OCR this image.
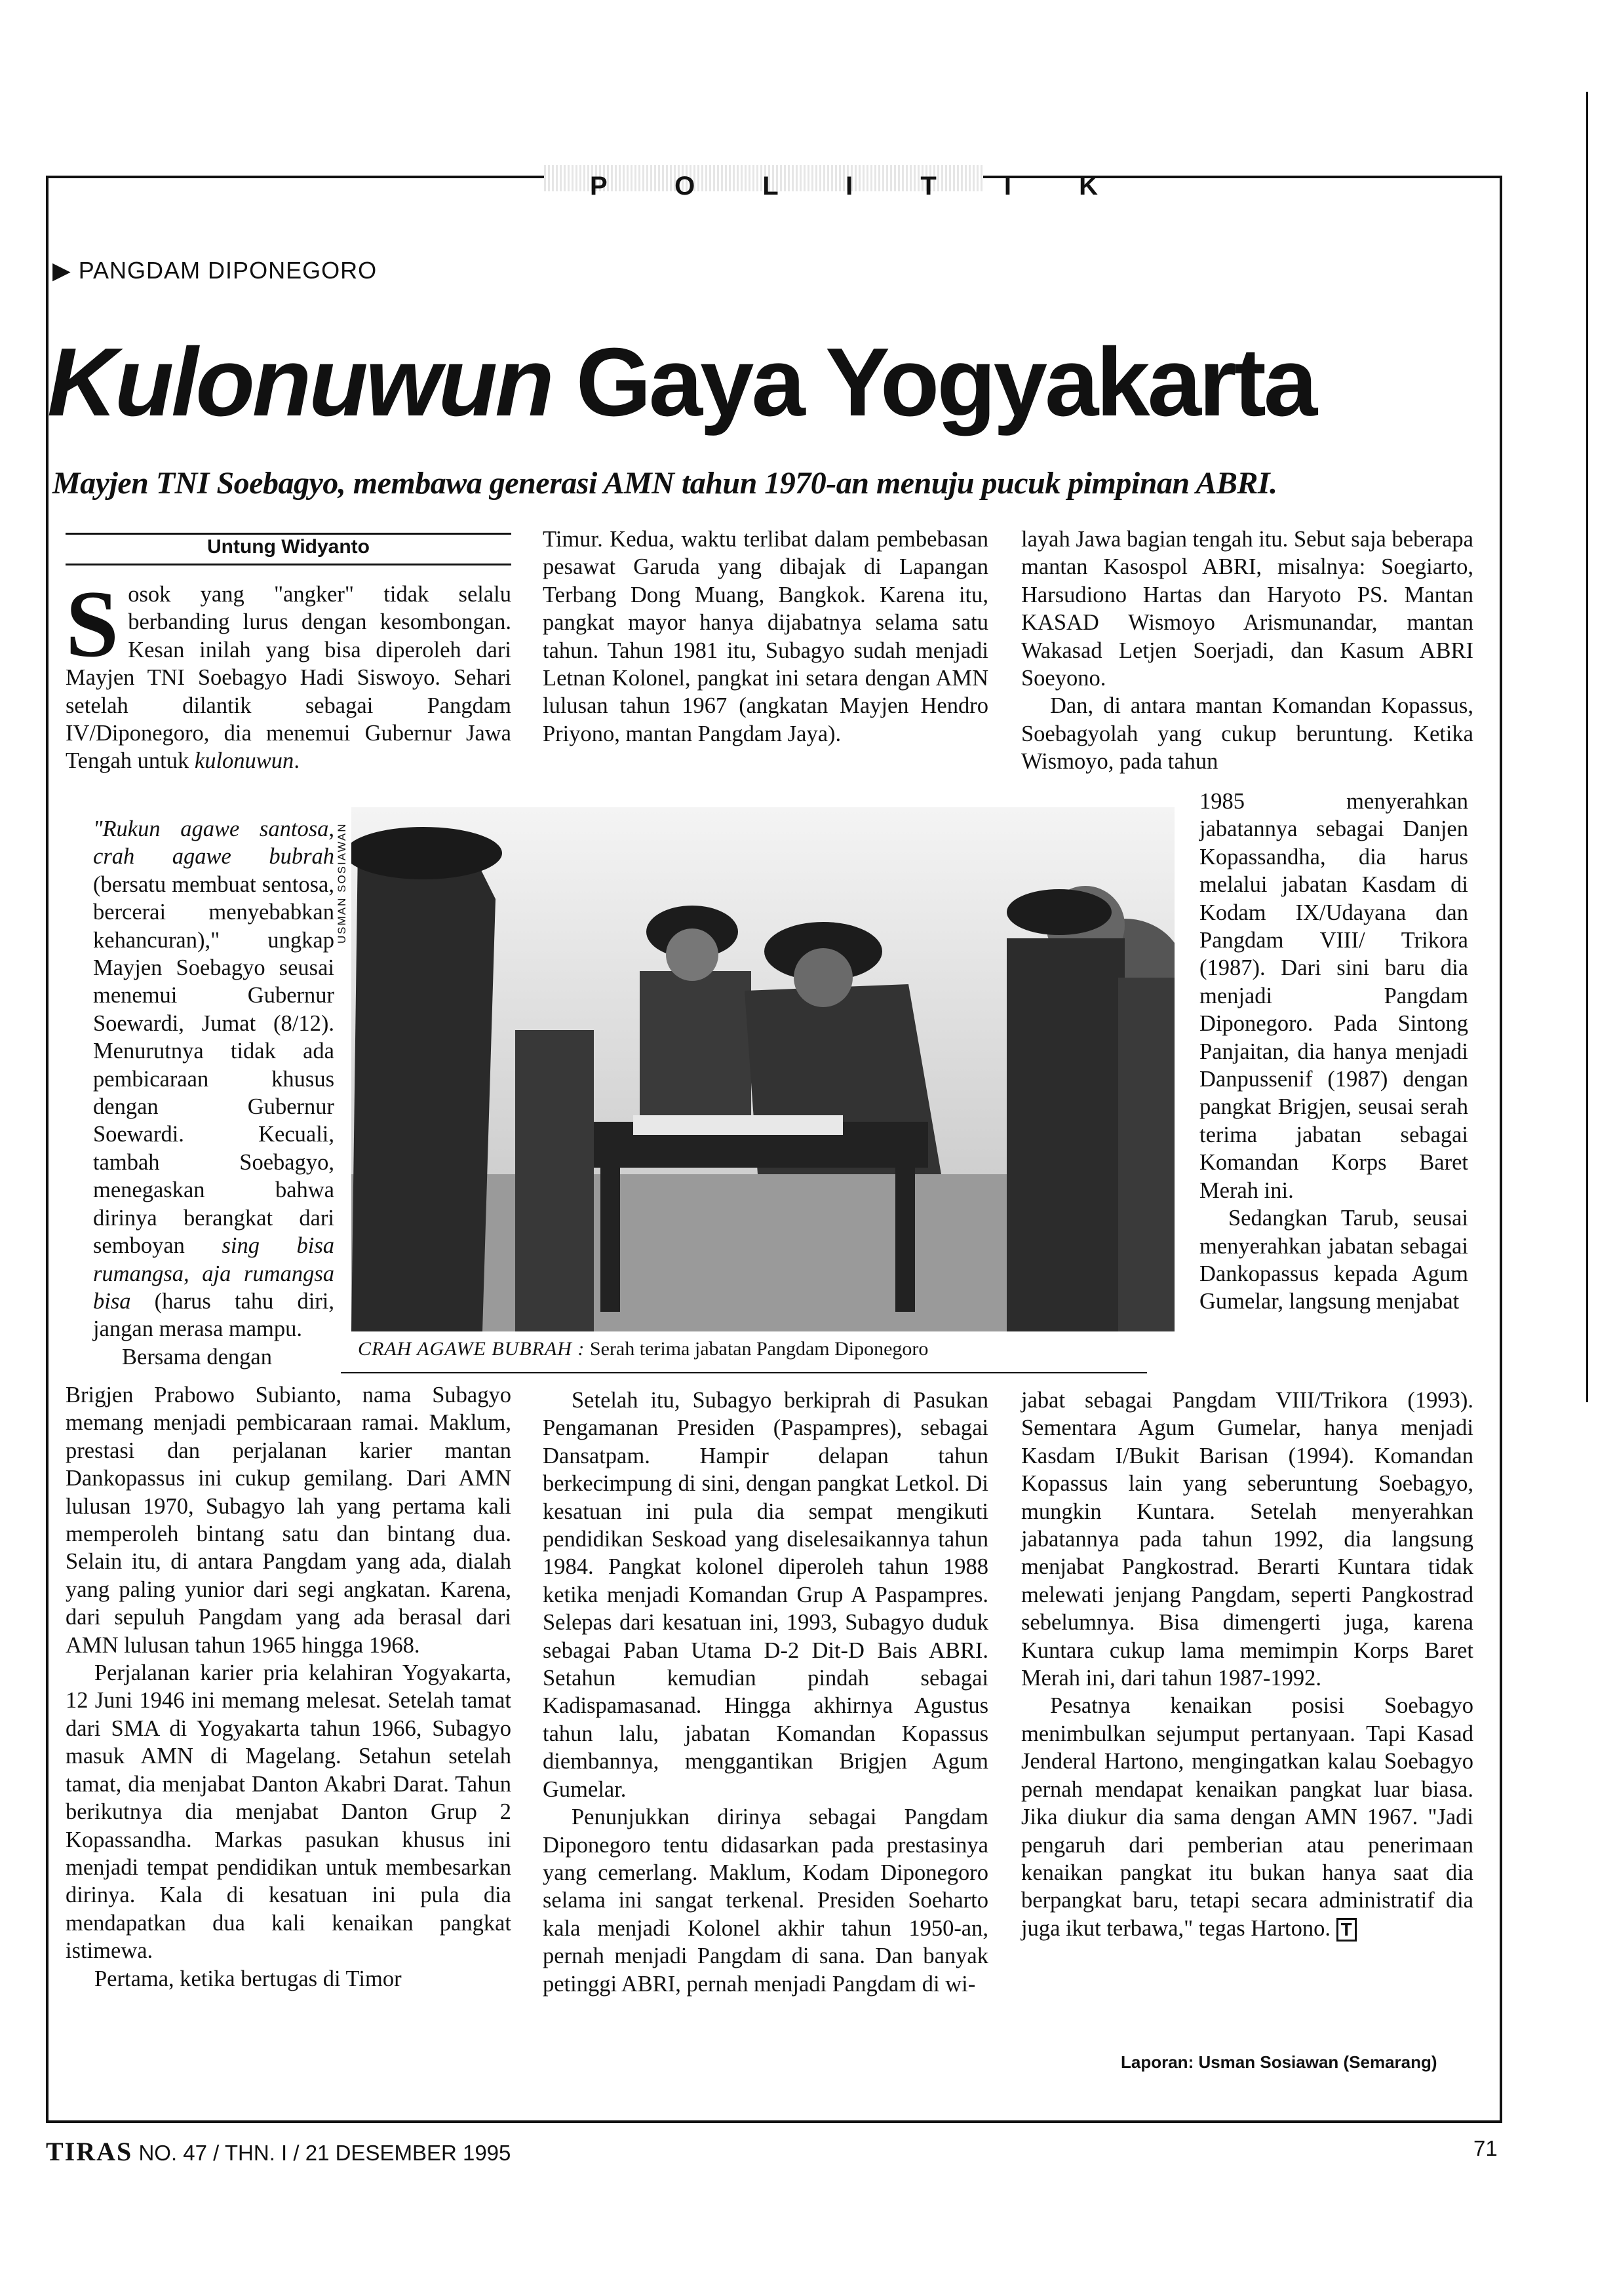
P O L I T I K
▶ PANGDAM DIPONEGORO
Kulonuwun Gaya Yogyakarta
Mayjen TNI Soebagyo, membawa generasi AMN tahun 1970-an menuju pucuk pimpinan ABRI.
Untung Widyanto

Sosok yang "angker" tidak selalu berbanding lurus dengan kesombongan. Kesan inilah yang bisa diperoleh dari Mayjen TNI Soebagyo Hadi Siswoyo. Sehari setelah dilantik sebagai Pangdam IV/Diponegoro, dia menemui Gubernur Jawa Tengah untuk kulonuwun.

"Rukun agawe santosa, crah agawe bubrah (bersatu membuat sentosa, bercerai menyebabkan kehancuran)," ungkap Mayjen Soebagyo seusai menemui Gubernur Soewardi, Jumat (8/12). Menurutnya tidak ada pembicaraan khusus dengan Gubernur Soewardi. Kecuali, tambah Soebagyo, menegaskan bahwa dirinya berangkat dari semboyan sing bisa rumangsa, aja rumangsa bisa (harus tahu diri, jangan merasa mampu.

Bersama dengan

USMAN SOSIAWAN
CRAH AGAWE BUBRAH : Serah terima jabatan Pangdam Diponegoro

Brigjen Prabowo Subianto, nama Subagyo memang menjadi pembicaraan ramai. Maklum, prestasi dan perjalanan karier mantan Dankopassus ini cukup gemilang. Dari AMN lulusan 1970, Subagyo lah yang pertama kali memperoleh bintang satu dan bintang dua. Selain itu, di antara Pangdam yang ada, dialah yang paling yunior dari segi angkatan. Karena, dari sepuluh Pangdam yang ada berasal dari AMN lulusan tahun 1965 hingga 1968.

Perjalanan karier pria kelahiran Yogyakarta, 12 Juni 1946 ini memang melesat. Setelah tamat dari SMA di Yogyakarta tahun 1966, Subagyo masuk AMN di Magelang. Setahun setelah tamat, dia menjabat Danton Akabri Darat. Tahun berikutnya dia menjabat Danton Grup 2 Kopassandha. Markas pasukan khusus ini menjadi tempat pendidikan untuk membesarkan dirinya. Kala di kesatuan ini pula dia mendapatkan dua kali kenaikan pangkat istimewa.

Pertama, ketika bertugas di Timor

Timur. Kedua, waktu terlibat dalam pembebasan pesawat Garuda yang dibajak di Lapangan Terbang Dong Muang, Bangkok. Karena itu, pangkat mayor hanya dijabatnya selama satu tahun. Tahun 1981 itu, Subagyo sudah menjadi Letnan Kolonel, pangkat ini setara dengan AMN lulusan tahun 1967 (angkatan Mayjen Hendro Priyono, mantan Pangdam Jaya).

Setelah itu, Subagyo berkiprah di Pasukan Pengamanan Presiden (Paspampres), sebagai Dansatpam. Hampir delapan tahun berkecimpung di sini, dengan pangkat Letkol. Di kesatuan ini pula dia sempat mengikuti pendidikan Seskoad yang diselesaikannya tahun 1984. Pangkat kolonel diperoleh tahun 1988 ketika menjadi Komandan Grup A Paspampres. Selepas dari kesatuan ini, 1993, Subagyo duduk sebagai Paban Utama D-2 Dit-D Bais ABRI. Setahun kemudian pindah sebagai Kadispamasanad. Hingga akhirnya Agustus tahun lalu, jabatan Komandan Kopassus diembannya, menggantikan Brigjen Agum Gumelar.

Penunjukkan dirinya sebagai Pangdam Diponegoro tentu didasarkan pada prestasinya yang cemerlang. Maklum, Kodam Diponegoro selama ini sangat terkenal. Presiden Soeharto kala menjadi Kolonel akhir tahun 1950-an, pernah menjadi Pangdam di sana. Dan banyak petinggi ABRI, pernah menjadi Pangdam di wi-

layah Jawa bagian tengah itu. Sebut saja beberapa mantan Kasospol ABRI, misalnya: Soegiarto, Harsudiono Hartas dan Haryoto PS. Mantan KASAD Wismoyo Arismunandar, mantan Wakasad Letjen Soerjadi, dan Kasum ABRI Soeyono.

Dan, di antara mantan Komandan Kopassus, Soebagyolah yang cukup beruntung. Ketika Wismoyo, pada tahun

1985 menyerahkan jabatannya sebagai Danjen Kopassandha, dia harus melalui jabatan Kasdam di Kodam IX/Udayana dan Pangdam VIII/ Trikora (1987). Dari sini baru dia menjadi Pangdam Diponegoro. Pada Sintong Panjaitan, dia hanya menjadi Danpussenif (1987) dengan pangkat Brigjen, seusai serah terima jabatan sebagai Komandan Korps Baret Merah ini.

Sedangkan Tarub, seusai menyerahkan jabatan sebagai Dankopassus kepada Agum Gumelar, langsung menjabat

jabat sebagai Pangdam VIII/Trikora (1993). Sementara Agum Gumelar, hanya menjadi Kasdam I/Bukit Barisan (1994). Komandan Kopassus lain yang seberuntung Soebagyo, mungkin Kuntara. Setelah menyerahkan jabatannya pada tahun 1992, dia langsung menjabat Pangkostrad. Berarti Kuntara tidak melewati jenjang Pangdam, seperti Pangkostrad sebelumnya. Bisa dimengerti juga, karena Kuntara cukup lama memimpin Korps Baret Merah ini, dari tahun 1987-1992.

Pesatnya kenaikan posisi Soebagyo menimbulkan sejumput pertanyaan. Tapi Kasad Jenderal Hartono, mengingatkan kalau Soebagyo pernah mendapat kenaikan pangkat luar biasa. Jika diukur dia sama dengan AMN 1967. "Jadi pengaruh dari pemberian atau penerimaan kenaikan pangkat itu bukan hanya saat dia berpangkat baru, tetapi secara administratif dia juga ikut terbawa," tegas Hartono. T

Laporan: Usman Sosiawan (Semarang)
TIRAS NO. 47 / THN. I / 21 DESEMBER 1995	71
